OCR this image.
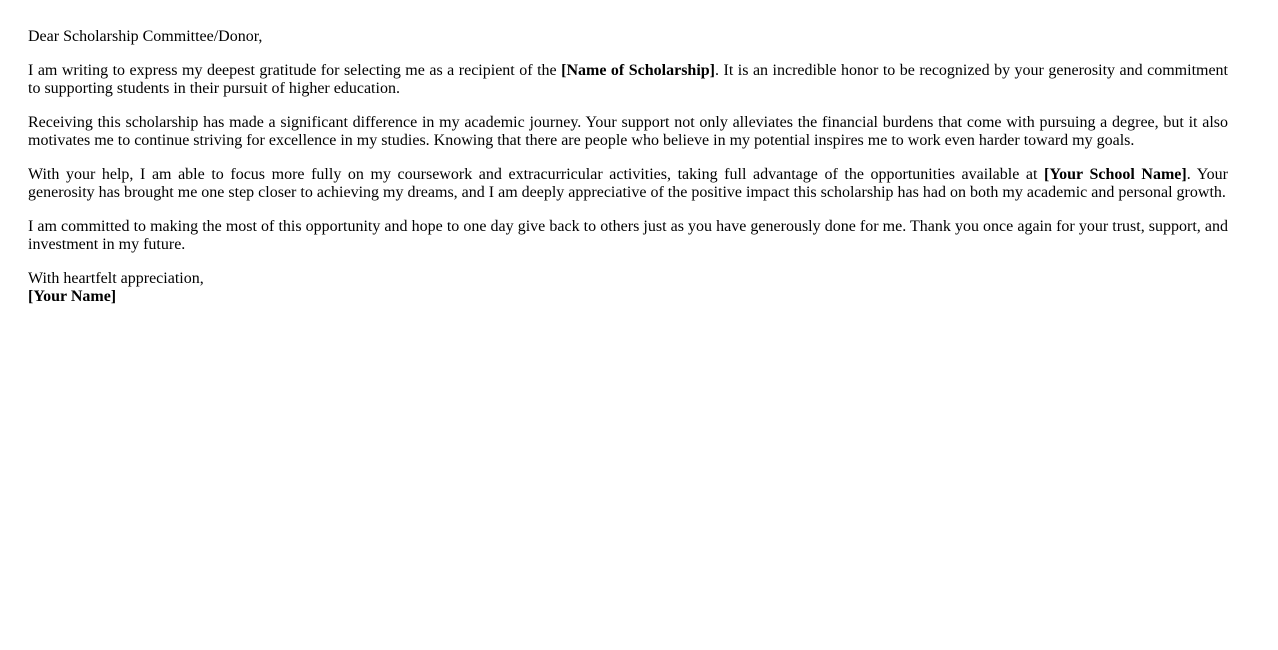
Dear Scholarship Committee/Donor,

I am writing to express my deepest gratitude for selecting me as a recipient of the [Name of Scholarship]. It is an incredible honor to be recognized by your generosity and commitment to supporting students in their pursuit of higher education.

Receiving this scholarship has made a significant difference in my academic journey. Your support not only alleviates the financial burdens that come with pursuing a degree, but it also motivates me to continue striving for excellence in my studies. Knowing that there are people who believe in my potential inspires me to work even harder toward my goals.

With your help, I am able to focus more fully on my coursework and extracurricular activities, taking full advantage of the opportunities available at [Your School Name]. Your generosity has brought me one step closer to achieving my dreams, and I am deeply appreciative of the positive impact this scholarship has had on both my academic and personal growth.

I am committed to making the most of this opportunity and hope to one day give back to others just as you have generously done for me. Thank you once again for your trust, support, and investment in my future.

With heartfelt appreciation,
[Your Name]
